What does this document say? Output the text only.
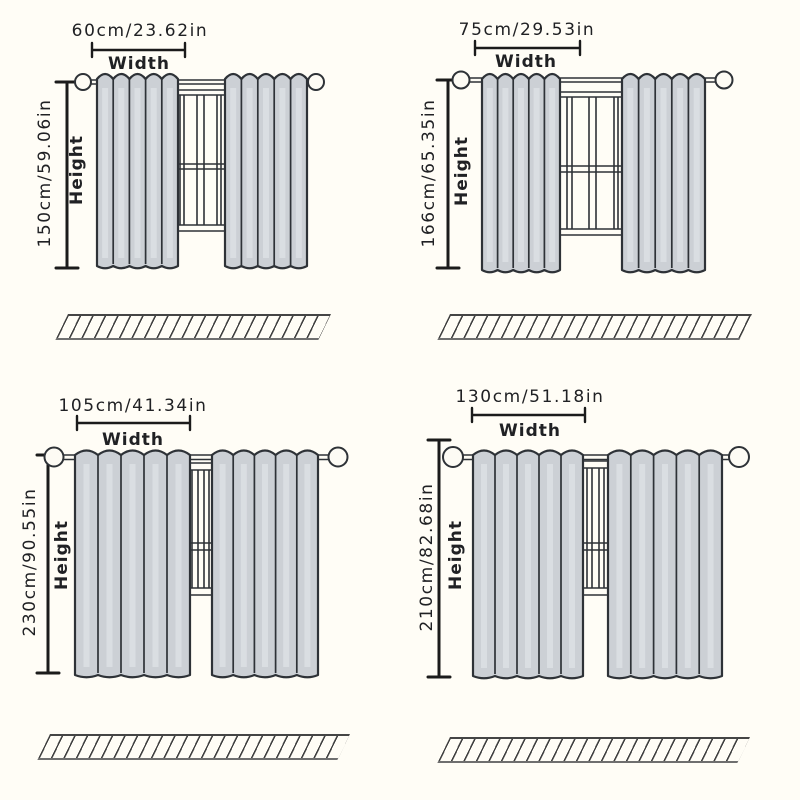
60cm/23.62in
Width
150cm/59.06in Height
75cm/29.53in
Width
166cm/65.35in Height
105cm/41.34in
Width
230cm/90.55in Height
130cm/51.18in
Width
210cm/82.68in Height
